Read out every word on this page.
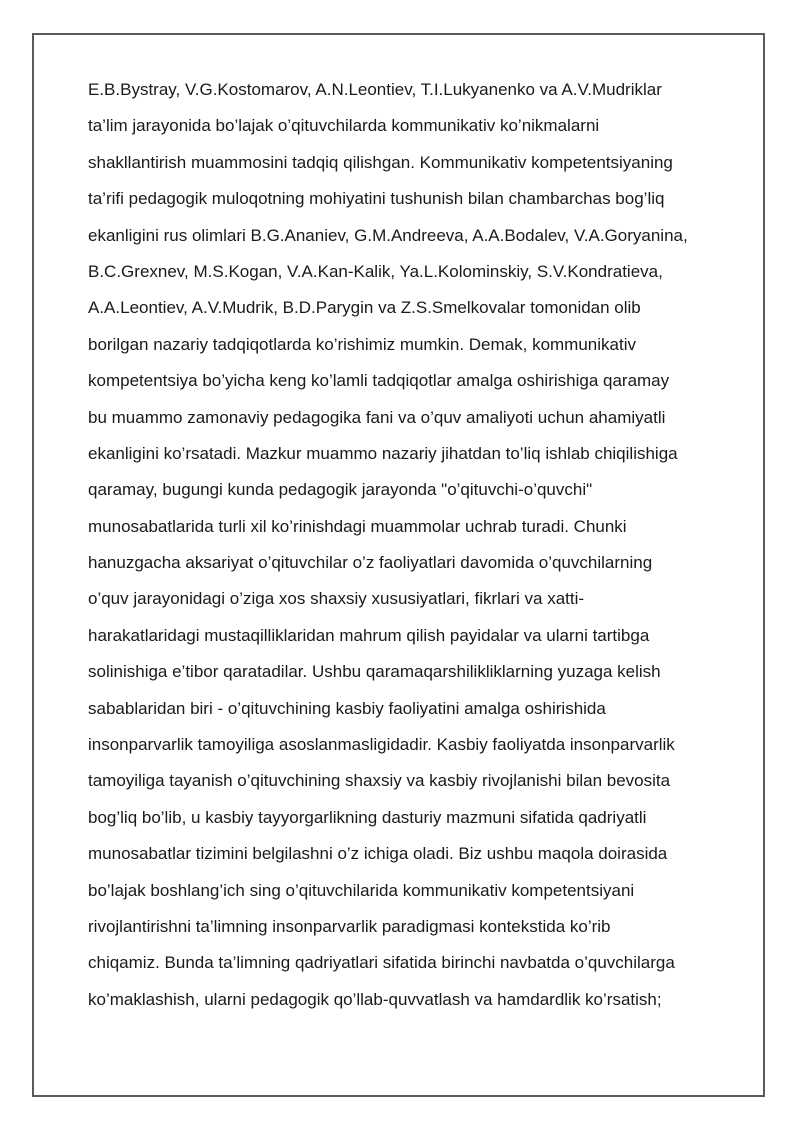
E.B.Bystray, V.G.Kostomarov, A.N.Leontiev, T.I.Lukyanenko va A.V.Mudriklar
ta’lim jarayonida bo’lajak o’qituvchilarda kommunikativ ko’nikmalarni
shakllantirish muammosini tadqiq qilishgan. Kommunikativ kompetentsiyaning
ta’rifi pedagogik muloqotning mohiyatini tushunish bilan chambarchas bog’liq
ekanligini rus olimlari B.G.Ananiev, G.M.Andreeva, A.A.Bodalev, V.A.Goryanina,
B.C.Grexnev, M.S.Kogan, V.A.Kan-Kalik, Ya.L.Kolominskiy, S.V.Kondratieva,
A.A.Leontiev, A.V.Mudrik, B.D.Parygin va Z.S.Smelkovalar tomonidan olib
borilgan nazariy tadqiqotlarda ko’rishimiz mumkin. Demak, kommunikativ
kompetentsiya bo’yicha keng ko’lamli tadqiqotlar amalga oshirishiga qaramay
bu muammo zamonaviy pedagogika fani va o’quv amaliyoti uchun ahamiyatli
ekanligini ko’rsatadi. Mazkur muammo nazariy jihatdan to’liq ishlab chiqilishiga
qaramay, bugungi kunda pedagogik jarayonda "o’qituvchi-o’quvchi"
munosabatlarida turli xil ko’rinishdagi muammolar uchrab turadi. Chunki
hanuzgacha aksariyat o’qituvchilar o’z faoliyatlari davomida o’quvchilarning
o’quv jarayonidagi o’ziga xos shaxsiy xususiyatlari, fikrlari va xatti-
harakatlaridagi mustaqilliklaridan mahrum qilish payidalar va ularni tartibga
solinishiga e’tibor qaratadilar. Ushbu qaramaqarshilikliklarning yuzaga kelish
sabablaridan biri - o’qituvchining kasbiy faoliyatini amalga oshirishida
insonparvarlik tamoyiliga asoslanmasligidadir. Kasbiy faoliyatda insonparvarlik
tamoyiliga tayanish o’qituvchining shaxsiy va kasbiy rivojlanishi bilan bevosita
bog’liq bo’lib, u kasbiy tayyorgarlikning dasturiy mazmuni sifatida qadriyatli
munosabatlar tizimini belgilashni o’z ichiga oladi. Biz ushbu maqola doirasida
bo’lajak boshlang’ich sing o’qituvchilarida kommunikativ kompetentsiyani
rivojlantirishni ta’limning insonparvarlik paradigmasi kontekstida ko’rib
chiqamiz. Bunda ta’limning qadriyatlari sifatida birinchi navbatda o’quvchilarga
ko’maklashish, ularni pedagogik qo’llab-quvvatlash va hamdardlik ko’rsatish;
